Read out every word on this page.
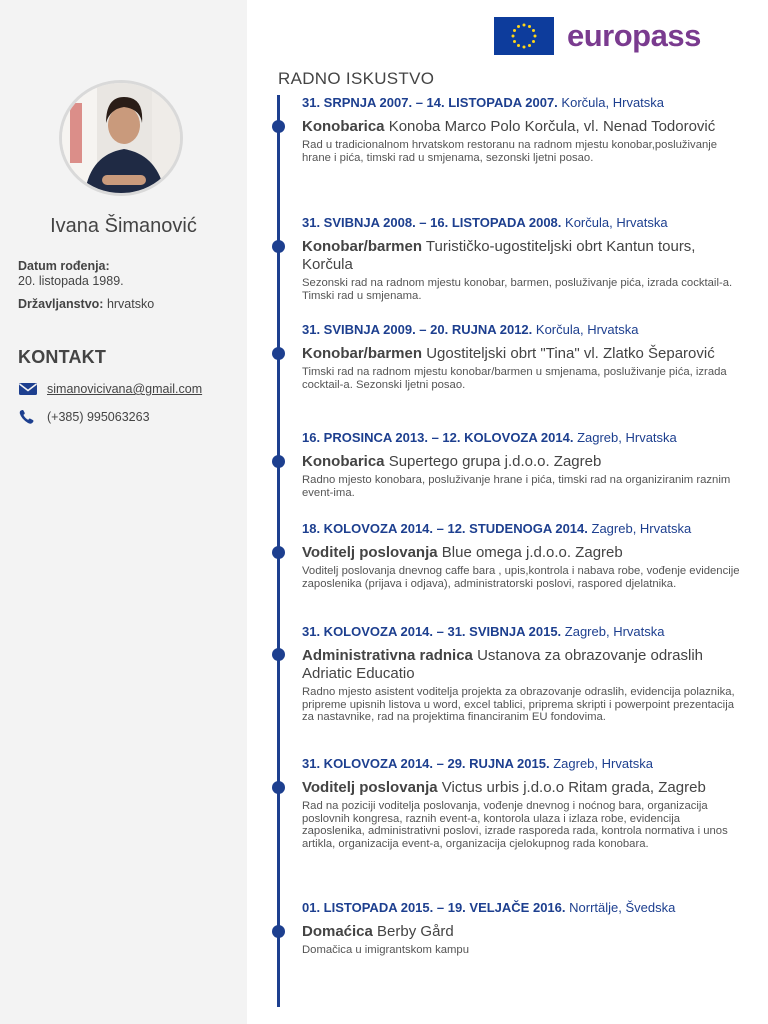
Ivana Šimanović
Datum rođenja:
20. listopada 1989.
Državljanstvo: hrvatsko
KONTAKT
simanovicivana@gmail.com
(+385) 995063263
europass
RADNO ISKUSTVO
31. SRPNJA 2007. – 14. LISTOPADA 2007. Korčula, Hrvatska
Konobarica Konoba Marco Polo Korčula, vl. Nenad Todorović
Rad u tradicionalnom hrvatskom restoranu na radnom mjestu konobar,posluživanje hrane i pića, timski rad u smjenama, sezonski ljetni posao.
31. SVIBNJA 2008. – 16. LISTOPADA 2008. Korčula, Hrvatska
Konobar/barmen Turističko-ugostiteljski obrt Kantun tours, Korčula
Sezonski rad na radnom mjestu konobar, barmen, posluživanje pića, izrada cocktail-a. Timski rad u smjenama.
31. SVIBNJA 2009. – 20. RUJNA 2012. Korčula, Hrvatska
Konobar/barmen Ugostiteljski obrt "Tina" vl. Zlatko Šeparović
Timski rad na radnom mjestu konobar/barmen u smjenama, posluživanje pića, izrada cocktail-a. Sezonski ljetni posao.
16. PROSINCA 2013. – 12. KOLOVOZA 2014. Zagreb, Hrvatska
Konobarica Supertego grupa j.d.o.o. Zagreb
Radno mjesto konobara, posluživanje hrane i pića, timski rad na organiziranim raznim event-ima.
18. KOLOVOZA 2014. – 12. STUDENOGA 2014. Zagreb, Hrvatska
Voditelj poslovanja Blue omega j.d.o.o. Zagreb
Voditelj poslovanja dnevnog caffe bara , upis,kontrola i nabava robe, vođenje evidencije zaposlenika (prijava i odjava), administratorski poslovi, raspored djelatnika.
31. KOLOVOZA 2014. – 31. SVIBNJA 2015. Zagreb, Hrvatska
Administrativna radnica Ustanova za obrazovanje odraslih Adriatic Educatio
Radno mjesto asistent voditelja projekta za obrazovanje odraslih, evidencija polaznika, pripreme upisnih listova u word, excel tablici, priprema skripti i powerpoint prezentacija za nastavnike, rad na projektima financiranim EU fondovima.
31. KOLOVOZA 2014. – 29. RUJNA 2015. Zagreb, Hrvatska
Voditelj poslovanja Victus urbis j.d.o.o Ritam grada, Zagreb
Rad na poziciji voditelja poslovanja, vođenje dnevnog i noćnog bara, organizacija poslovnih kongresa, raznih event-a, kontorola ulaza i izlaza robe, evidencija zaposlenika, administrativni poslovi, izrade rasporeda rada, kontrola normativa i unos artikla, organizacija event-a, organizacija cjelokupnog rada konobara.
01. LISTOPADA 2015. – 19. VELJAČE 2016. Norrtälje, Švedska
Domaćica Berby Gård
Domačica u imigrantskom kampu
